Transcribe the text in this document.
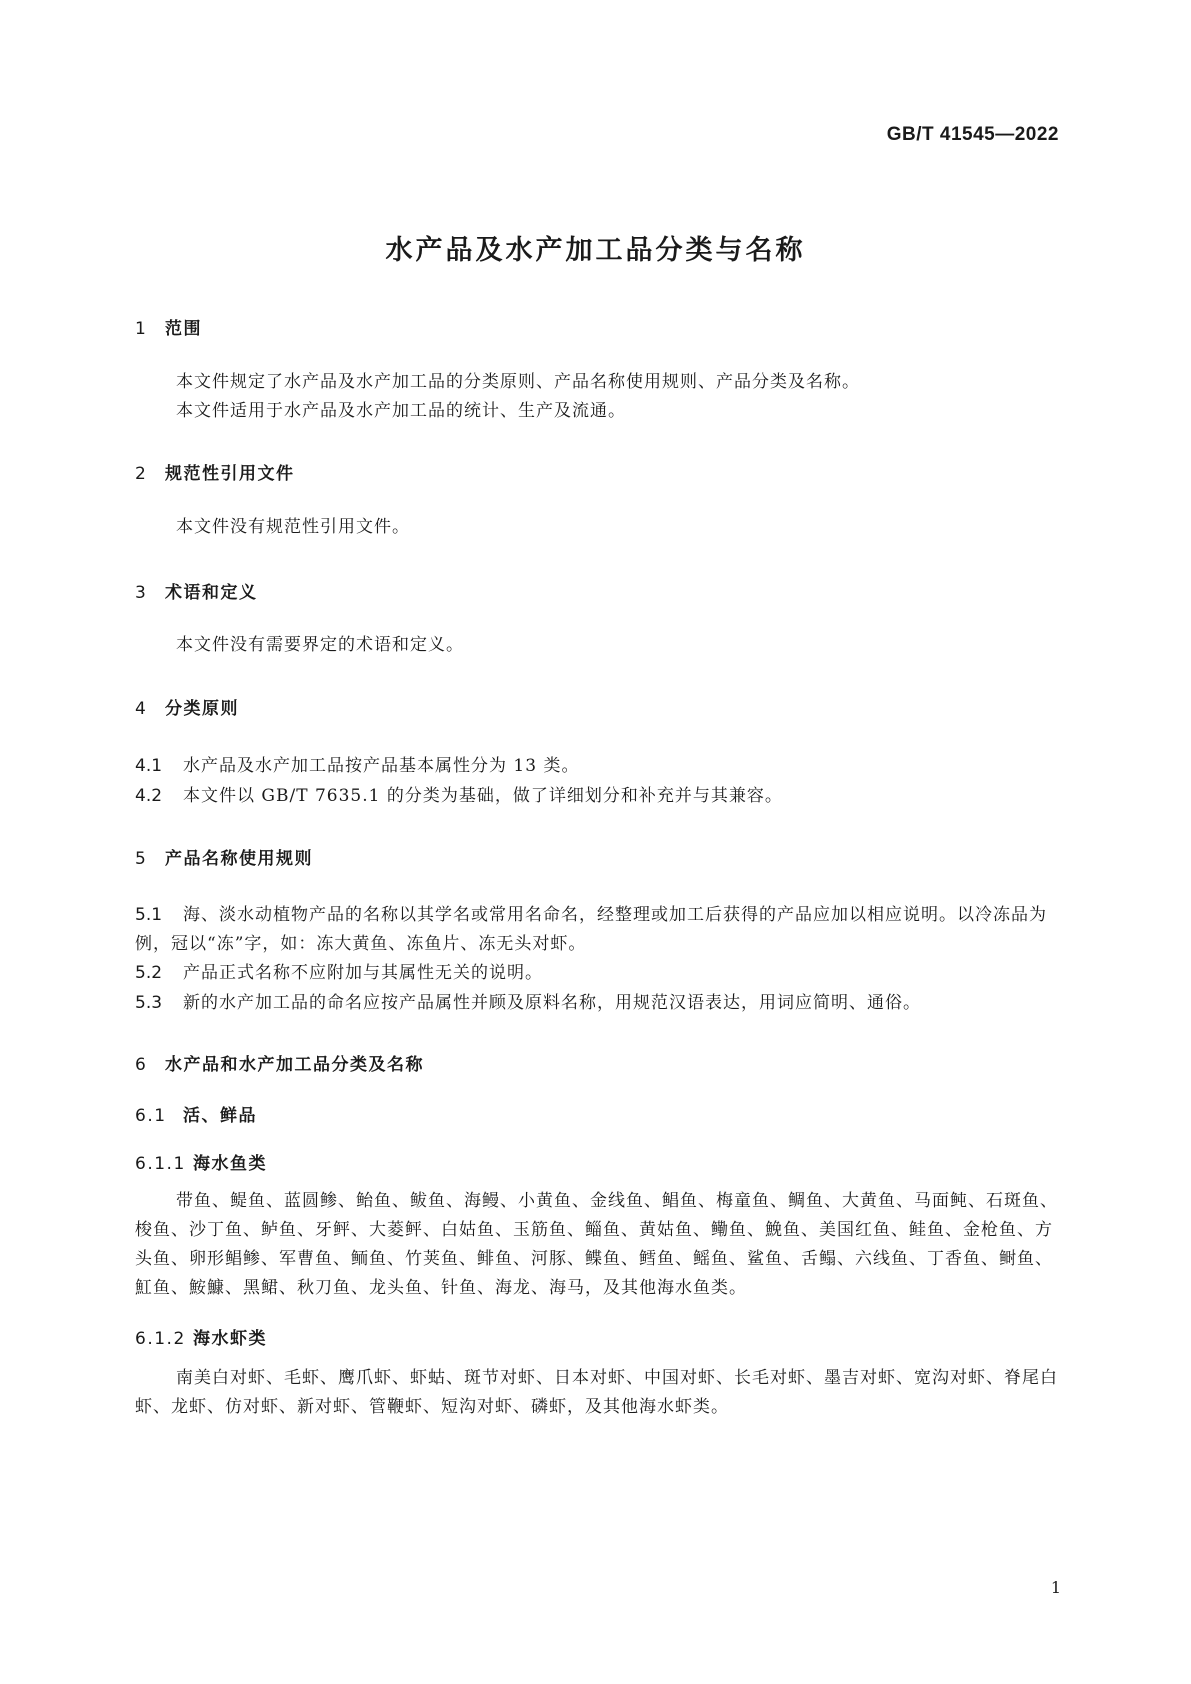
GB/T 41545—2022
水产品及水产加工品分类与名称
1 范围
本文件规定了水产品及水产加工品的分类原则、产品名称使用规则、产品分类及名称。
本文件适用于水产品及水产加工品的统计、生产及流通。
2 规范性引用文件
本文件没有规范性引用文件。
3 术语和定义
本文件没有需要界定的术语和定义。
4 分类原则
4.1 水产品及水产加工品按产品基本属性分为 13 类。
4.2 本文件以 GB/T 7635.1 的分类为基础，做了详细划分和补充并与其兼容。
5 产品名称使用规则
5.1 海、淡水动植物产品的名称以其学名或常用名命名，经整理或加工后获得的产品应加以相应说明。以冷冻品为例，冠以“冻”字，如：冻大黄鱼、冻鱼片、冻无头对虾。
5.2 产品正式名称不应附加与其属性无关的说明。
5.3 新的水产加工品的命名应按产品属性并顾及原料名称，用规范汉语表达，用词应简明、通俗。
6 水产品和水产加工品分类及名称
6.1 活、鲜品
6.1.1 海水鱼类
带鱼、鳀鱼、蓝圆鲹、鲐鱼、鲅鱼、海鳗、小黄鱼、金线鱼、鲳鱼、梅童鱼、鲷鱼、大黄鱼、马面鲀、石斑鱼、梭鱼、沙丁鱼、鲈鱼、牙鲆、大菱鲆、白姑鱼、玉筋鱼、鲻鱼、黄姑鱼、鳓鱼、鮸鱼、美国红鱼、鲑鱼、金枪鱼、方头鱼、卵形鲳鲹、军曹鱼、鲕鱼、竹荚鱼、鲱鱼、河豚、鲽鱼、鳕鱼、鳐鱼、鲨鱼、舌鳎、六线鱼、丁香鱼、鲥鱼、魟鱼、鮟鱇、黑鲪、秋刀鱼、龙头鱼、针鱼、海龙、海马，及其他海水鱼类。
6.1.2 海水虾类
南美白对虾、毛虾、鹰爪虾、虾蛄、斑节对虾、日本对虾、中国对虾、长毛对虾、墨吉对虾、宽沟对虾、脊尾白虾、龙虾、仿对虾、新对虾、管鞭虾、短沟对虾、磷虾，及其他海水虾类。
1
